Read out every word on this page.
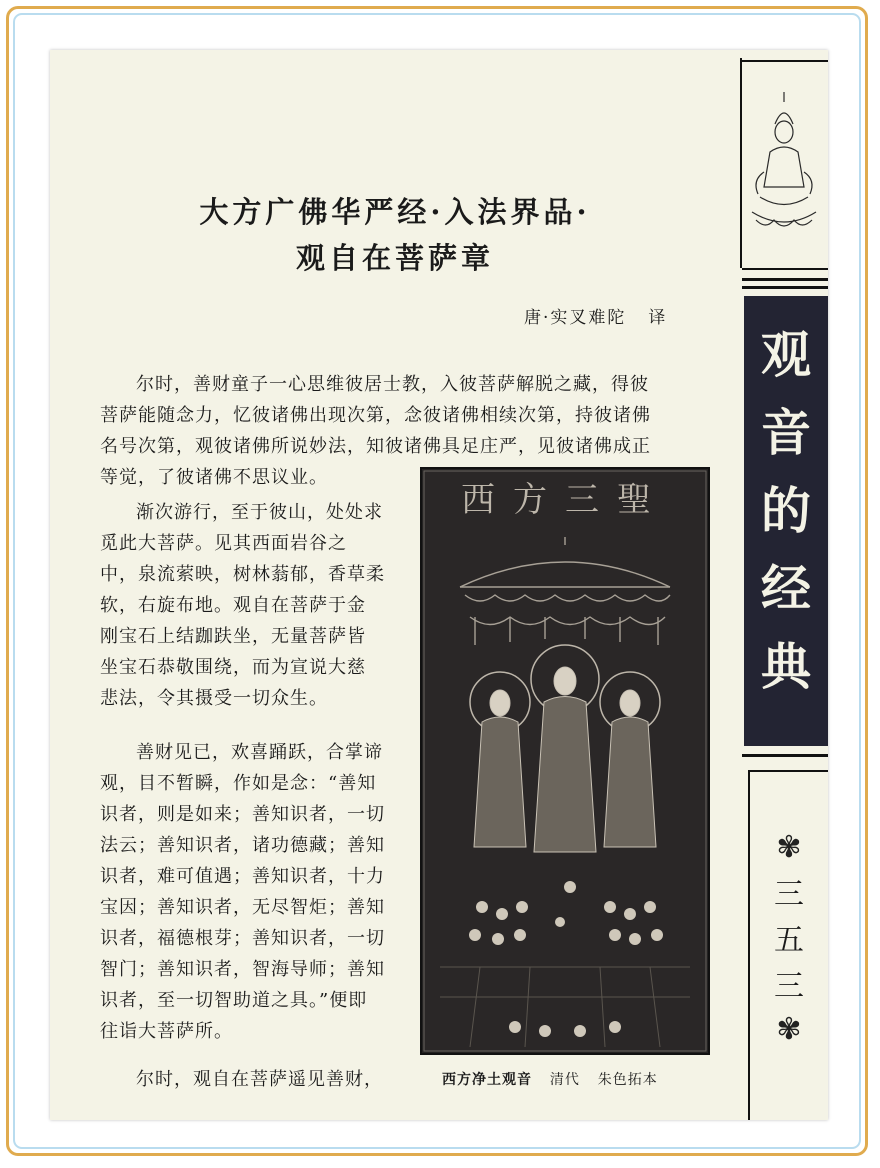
大方广佛华严经·入法界品·
观自在菩萨章
唐·实叉难陀 译
尔时，善财童子一心思维彼居士教，入彼菩萨解脱之藏，得彼
菩萨能随念力，忆彼诸佛出现次第，念彼诸佛相续次第，持彼诸佛
名号次第，观彼诸佛所说妙法，知彼诸佛具足庄严，见彼诸佛成正
等觉，了彼诸佛不思议业。
渐次游行，至于彼山，处处求
觅此大菩萨。见其西面岩谷之
中，泉流萦映，树林蓊郁，香草柔
软，右旋布地。观自在菩萨于金
刚宝石上结跏趺坐，无量菩萨皆
坐宝石恭敬围绕，而为宣说大慈
悲法，令其摄受一切众生。
善财见已，欢喜踊跃，合掌谛
观，目不暂瞬，作如是念：“善知
识者，则是如来；善知识者，一切
法云；善知识者，诸功德藏；善知
识者，难可值遇；善知识者，十力
宝因；善知识者，无尽智炬；善知
识者，福德根芽；善知识者，一切
智门；善知识者，智海导师；善知
识者，至一切智助道之具。”便即
往诣大菩萨所。
尔时，观自在菩萨遥见善财，
西方三聖
西方净土观音 清代 朱色拓本
观
音
的
经
典
✾
三
五
三
✾
